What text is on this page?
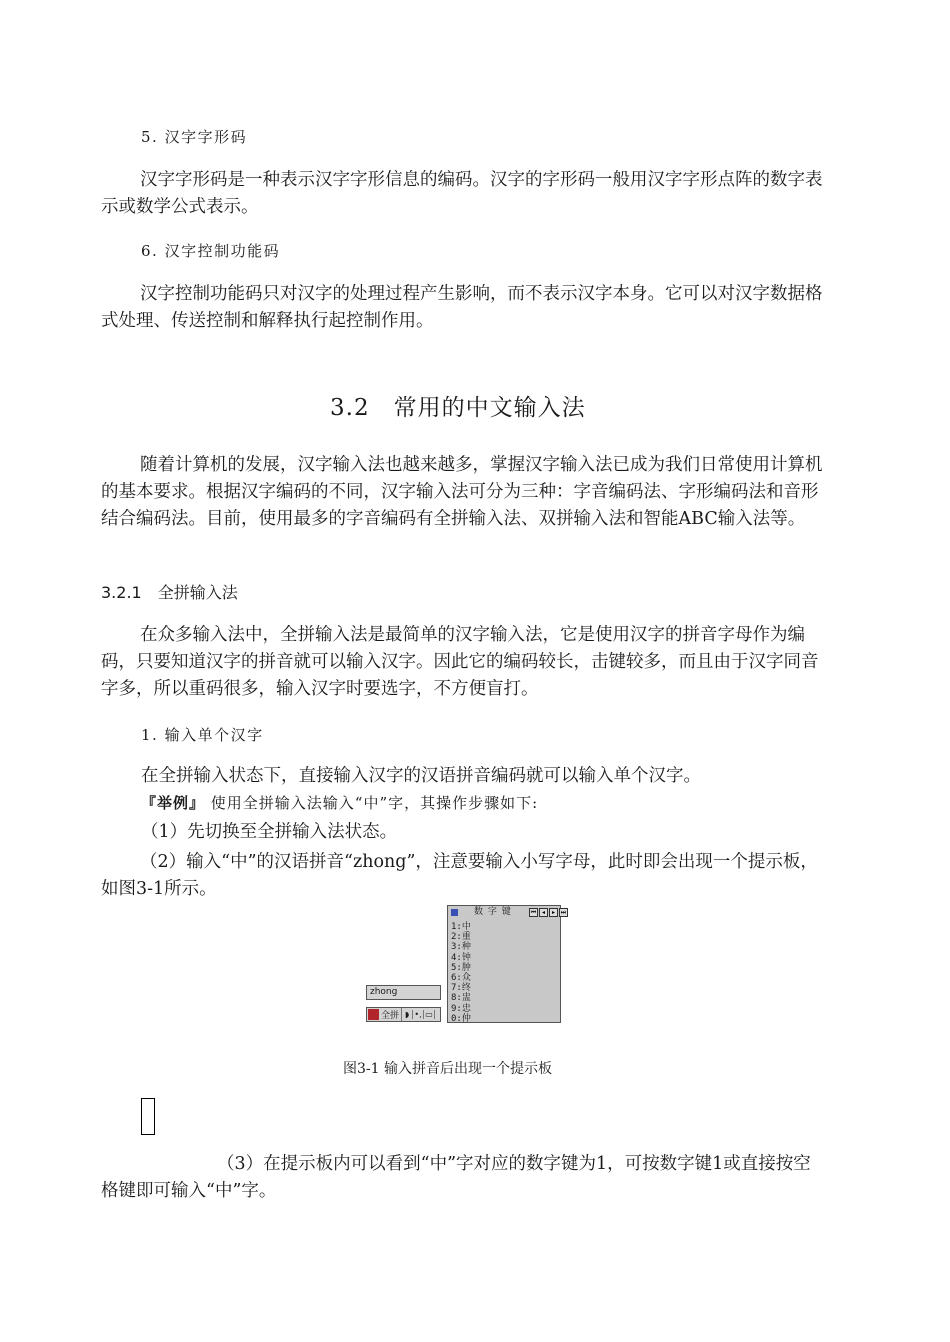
5. 汉字字形码
汉字字形码是一种表示汉字字形信息的编码。汉字的字形码一般用汉字字形点阵的数字表示或数学公式表示。
6. 汉字控制功能码
汉字控制功能码只对汉字的处理过程产生影响，而不表示汉字本身。它可以对汉字数据格式处理、传送控制和解释执行起控制作用。
3.2　常用的中文输入法
随着计算机的发展，汉字输入法也越来越多，掌握汉字输入法已成为我们日常使用计算机的基本要求。根据汉字编码的不同，汉字输入法可分为三种：字音编码法、字形编码法和音形结合编码法。目前，使用最多的字音编码有全拼输入法、双拼输入法和智能ABC输入法等。
3.2.1　全拼输入法
在众多输入法中，全拼输入法是最简单的汉字输入法，它是使用汉字的拼音字母作为编码，只要知道汉字的拼音就可以输入汉字。因此它的编码较长，击键较多，而且由于汉字同音字多，所以重码很多，输入汉字时要选字，不方便盲打。
1. 输入单个汉字
在全拼输入状态下，直接输入汉字的汉语拼音编码就可以输入单个汉字。
『举例』 使用全拼输入法输入“中”字，其操作步骤如下:
（1）先切换至全拼输入法状态。
（2）输入“中”的汉语拼音“zhong”，注意要输入小写字母，此时即会出现一个提示板，如图3-1所示。
数 字 键	⏮ ◂	▸ ⏭
1:中
2:重
3:种
4:钟
5:肿
6:众
7:终
8:盅
9:忠
0:仲
zhong
全拼 ◗ •, ▭
图3-1 输入拼音后出现一个提示板
（3）在提示板内可以看到“中”字对应的数字键为1，可按数字键1或直接按空格键即可输入“中”字。
